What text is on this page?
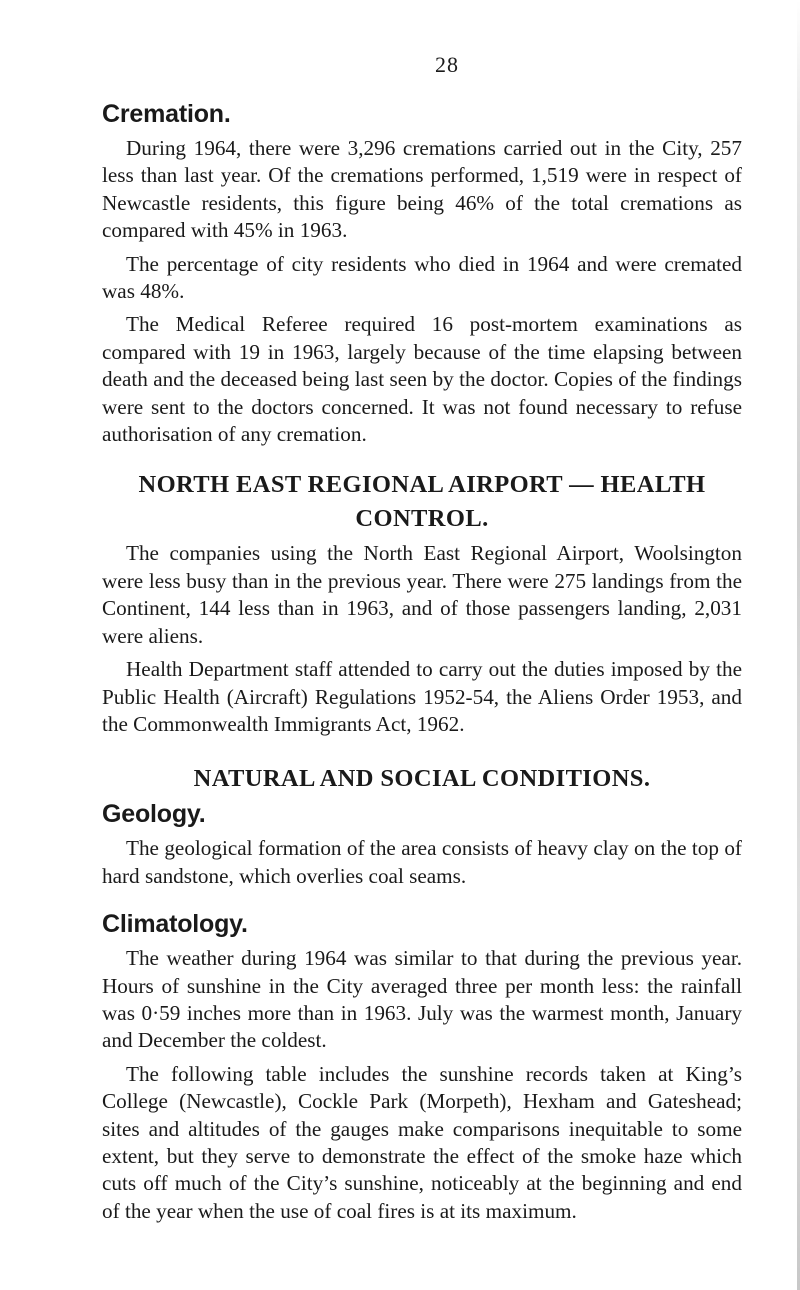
28
Cremation.

During 1964, there were 3,296 cremations carried out in the City, 257 less than last year. Of the cremations performed, 1,519 were in respect of Newcastle residents, this figure being 46% of the total cremations as compared with 45% in 1963.

The percentage of city residents who died in 1964 and were cremated was 48%.

The Medical Referee required 16 post-mortem examinations as compared with 19 in 1963, largely because of the time elapsing between death and the deceased being last seen by the doctor. Copies of the findings were sent to the doctors concerned. It was not found necessary to refuse authorisation of any cremation.

NORTH EAST REGIONAL AIRPORT — HEALTH CONTROL.

The companies using the North East Regional Airport, Woolsington were less busy than in the previous year. There were 275 landings from the Continent, 144 less than in 1963, and of those passengers landing, 2,031 were aliens.

Health Department staff attended to carry out the duties imposed by the Public Health (Aircraft) Regulations 1952-54, the Aliens Order 1953, and the Commonwealth Immigrants Act, 1962.

NATURAL AND SOCIAL CONDITIONS.
Geology.

The geological formation of the area consists of heavy clay on the top of hard sandstone, which overlies coal seams.

Climatology.

The weather during 1964 was similar to that during the previous year. Hours of sunshine in the City averaged three per month less: the rainfall was 0·59 inches more than in 1963. July was the warmest month, January and December the coldest.

The following table includes the sunshine records taken at King’s College (Newcastle), Cockle Park (Morpeth), Hexham and Gateshead; sites and altitudes of the gauges make comparisons inequitable to some extent, but they serve to demonstrate the effect of the smoke haze which cuts off much of the City’s sunshine, noticeably at the beginning and end of the year when the use of coal fires is at its maximum.
